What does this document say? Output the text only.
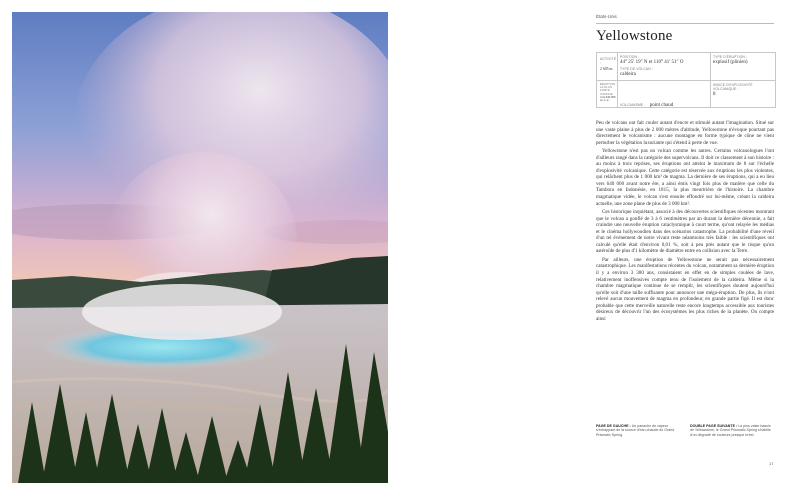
États-Unis
Yellowstone
ACTIVITÉ :
2 605 m
POSITION :
44° 25′ 19″ N et 110° 41′ 51″ O
TYPE DE VOLCAN :
caldeira
TYPE D'ÉRUPTION :
explosif (plinien)
ÉRUPTION LA PLUS FORTE CONNUE :
vers 640 000 av. J.-C.
VOLCANISME : point chaud
INDICE D'EXPLOSIVITÉ VOLCANIQUE :
8

Peu de volcans ont fait couler autant d'encre et stimulé autant l'imagination. Situé sur une vaste plaine à plus de 2 000 mètres d'altitude, Yellowstone n'évoque pourtant pas directement le volcanisme : aucune montagne en forme typique de cône ne vient perturber la végétation luxuriante qui s'étend à perte de vue.

Yellowstone n'est pas un volcan comme les autres. Certains volcanologues l'ont d'ailleurs rangé dans la catégorie des supervolcans. Il doit ce classement à son histoire : au moins à trois reprises, ses éruptions ont atteint le maximum de 8 sur l'échelle d'explosivité volcanique. Cette catégorie est réservée aux éruptions les plus violentes, qui relâchent plus de 1 000 km³ de magma. La dernière de ses éruptions, qui a eu lieu vers 640 000 avant notre ère, a ainsi émis vingt fois plus de matière que celle du Tambora en Indonésie, en 1815, la plus meurtrière de l'histoire. La chambre magmatique vidée, le volcan s'est ensuite effondré sur lui-même, créant la caldeira actuelle, une zone plane de plus de 3 000 km².

Ces historique inquiétant, associé à des découvertes scientifiques récentes montrant que le volcan a gonflé de 3 à 6 centimètres par an durant la dernière décennie, a fait craindre une nouvelle éruption cataclysmique à court terme, qu'ont relayée les médias et le cinéma hollywoodien dans des scénarios catastrophe. La probabilité d'une réveil d'un tel événement de notre vivant reste néanmoins très faible : les scientifiques ont calculé qu'elle était d'environ 0,01 %, soit à peu près autant que le risque qu'un astéroïde de plus d'1 kilomètre de diamètre entre en collision avec la Terre.

Par ailleurs, une éruption de Yellowstone ne serait pas nécessairement catastrophique. Les manifestations récentes du volcan, notamment sa dernière éruption il y a environ 3 300 ans, consistaient en effet en de simples coulées de lave, relativement inoffensives compte tenu de l'isolement de la caldeira. Même si la chambre magmatique continue de se remplir, les scientifiques doutent aujourd'hui qu'elle soit d'une taille suffisante pour annoncer une méga-éruption. De plus, ils n'ont relevé aucun mouvement de magma en profondeur, en grande partie figé. Il est donc probable que cette merveille naturelle reste encore longtemps accessible aux touristes désireux de découvrir l'un des écosystèmes les plus riches de la planète. On compte ainsi

PAGE DE GAUCHE : Un panache de vapeur s'échappant de la source d'eau chaude du Grand Prismatic Spring.
DOUBLE PAGE SUIVANTE : La plus vaste bassin de Yellowstone, le Grand Prismatic Spring s'habille d'un dégradé de couleurs presque irréel.
17
